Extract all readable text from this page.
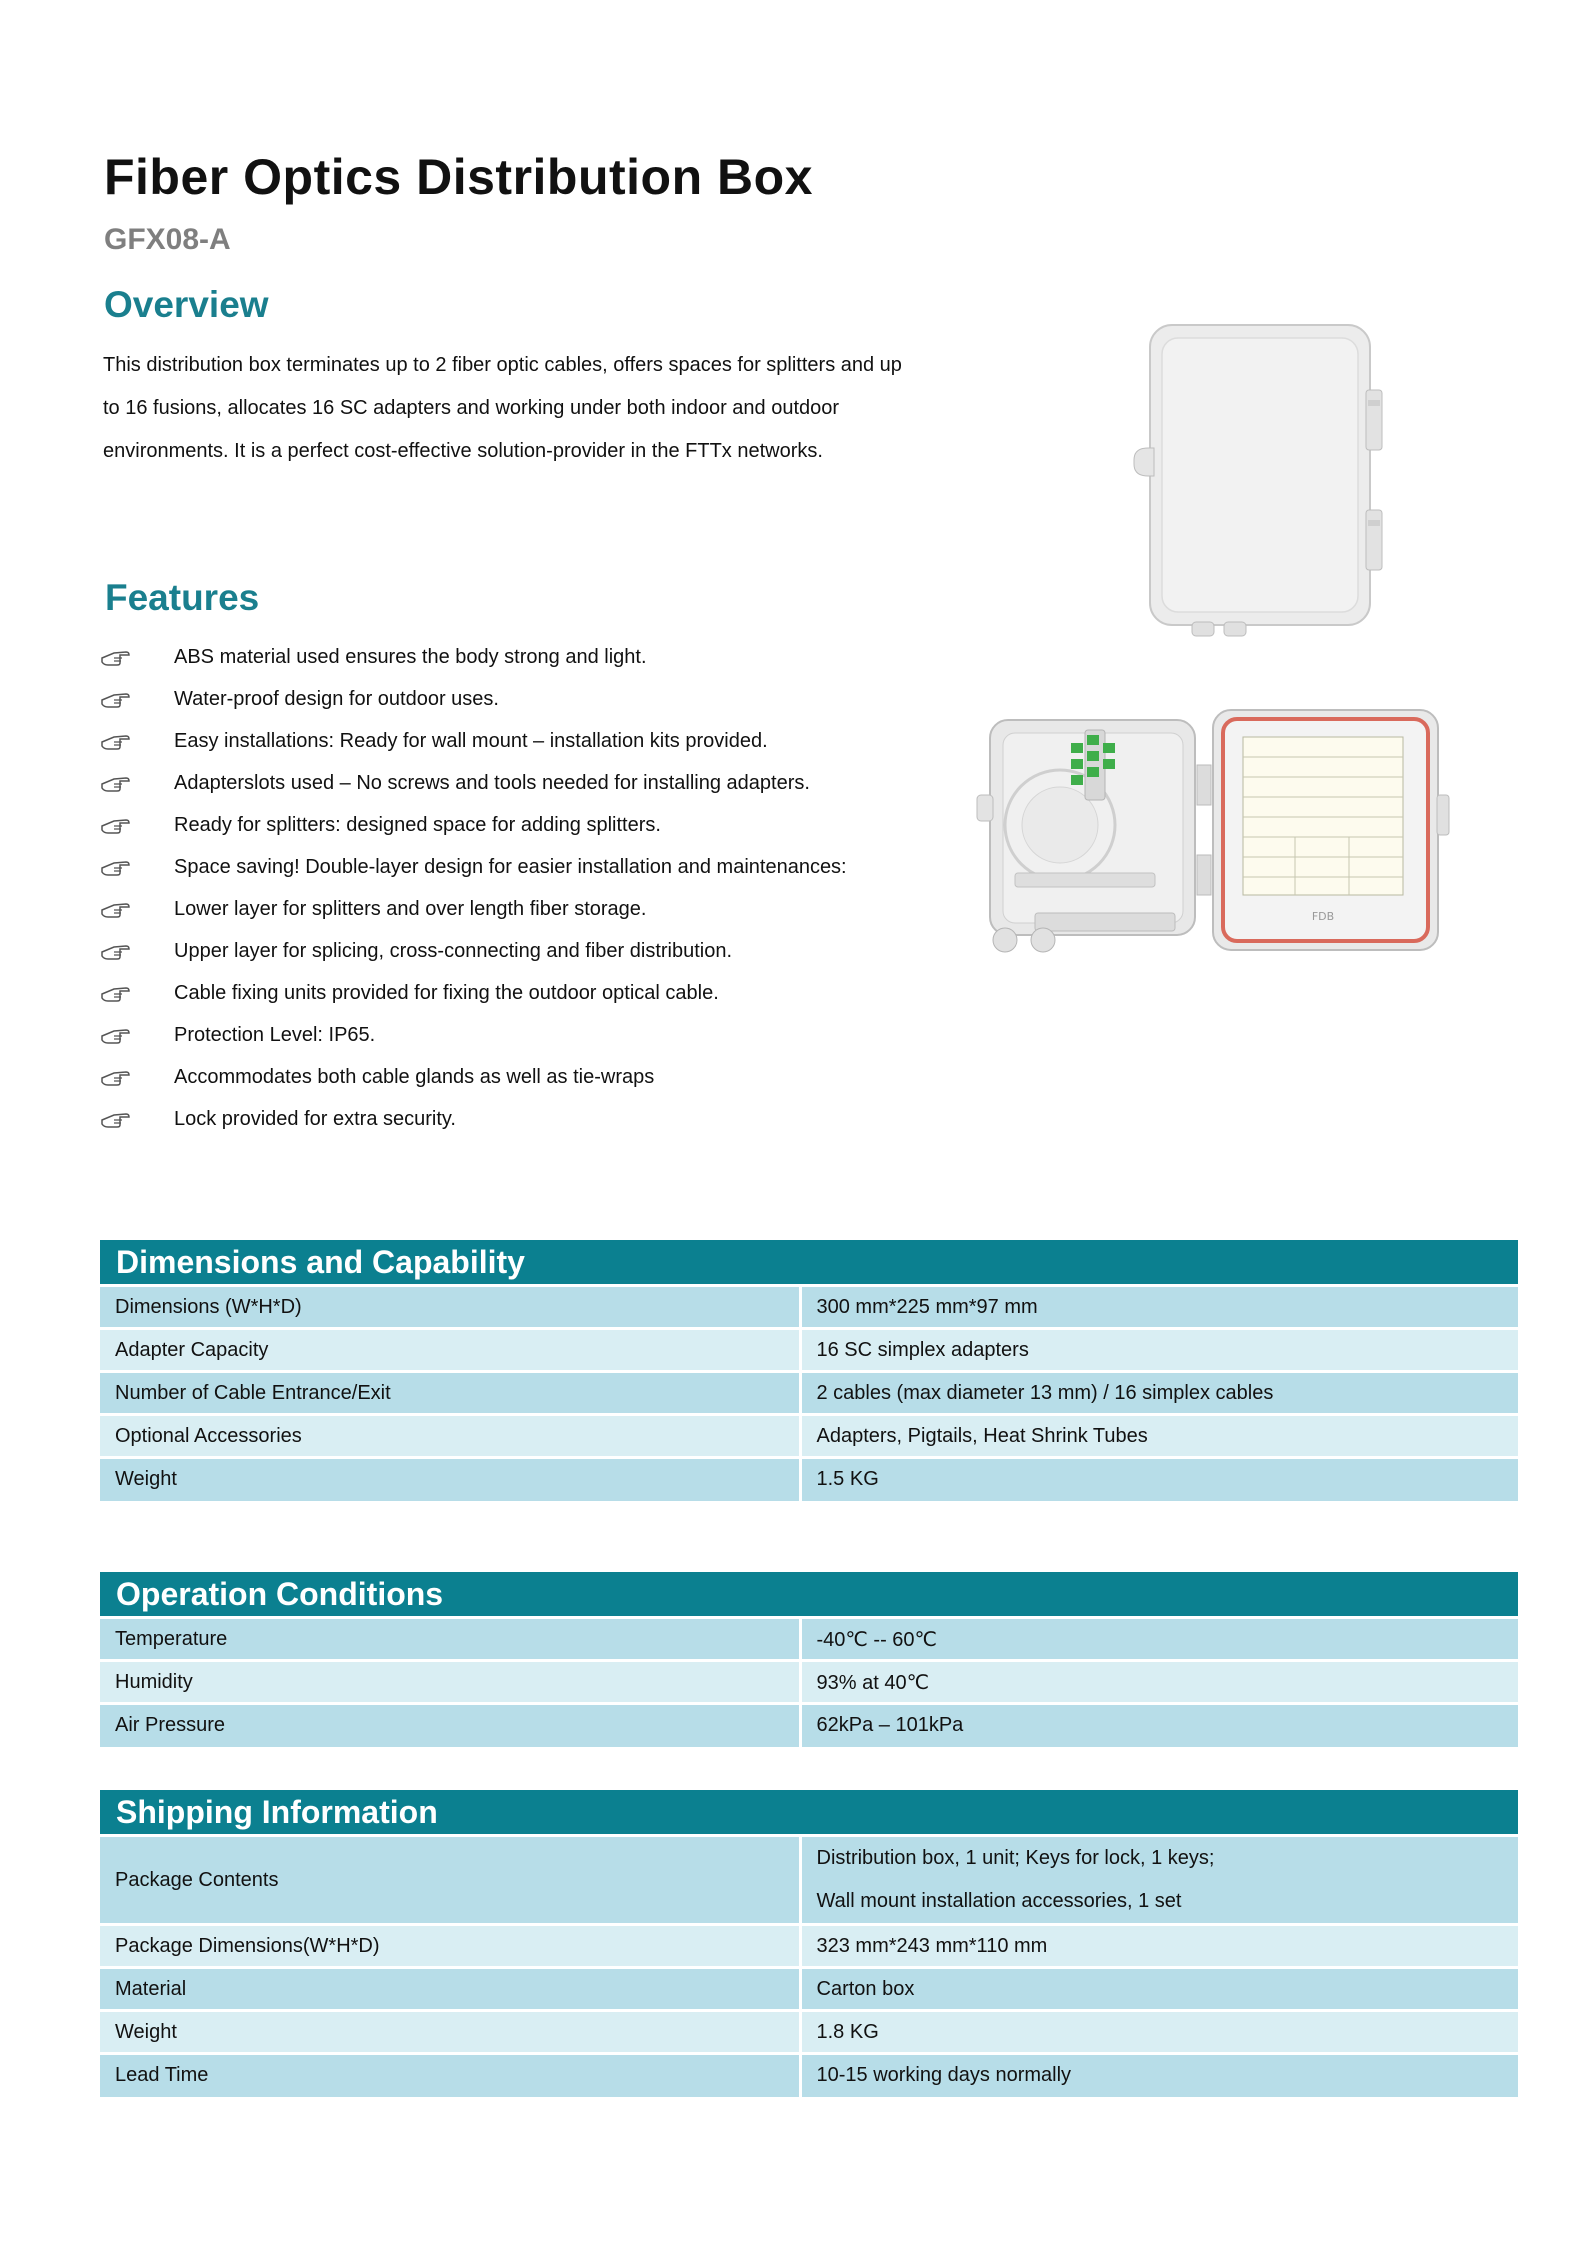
Fiber Optics Distribution Box
GFX08-A
Overview
This distribution box terminates up to 2 fiber optic cables, offers spaces for splitters and up to 16 fusions, allocates 16 SC adapters and working under both indoor and outdoor environments. It is a perfect cost-effective solution-provider in the FTTx networks.
Features
ABS material used ensures the body strong and light.
Water-proof design for outdoor uses.
Easy installations: Ready for wall mount – installation kits provided.
Adapterslots used – No screws and tools needed for installing adapters.
Ready for splitters: designed space for adding splitters.
Space saving! Double-layer design for easier installation and maintenances:
Lower layer for splitters and over length fiber storage.
Upper layer for splicing, cross-connecting and fiber distribution.
Cable fixing units provided for fixing the outdoor optical cable.
Protection Level: IP65.
Accommodates both cable glands as well as tie-wraps
Lock provided for extra security.
FDB
Dimensions and Capability
Dimensions (W*H*D)	300 mm*225 mm*97 mm
Adapter Capacity	16 SC simplex adapters
Number of Cable Entrance/Exit	2 cables (max diameter 13 mm) / 16 simplex cables
Optional Accessories	Adapters, Pigtails, Heat Shrink Tubes
Weight	1.5 KG
Operation Conditions
Temperature	-40℃ -- 60℃
Humidity	93% at 40℃
Air Pressure	62kPa – 101kPa
Shipping Information
Package Contents	Distribution box, 1 unit; Keys for lock, 1 keys;
Wall mount installation accessories, 1 set

Package Dimensions(W*H*D)	323 mm*243 mm*110 mm
Material	Carton box
Weight	1.8 KG
Lead Time	10-15 working days normally
